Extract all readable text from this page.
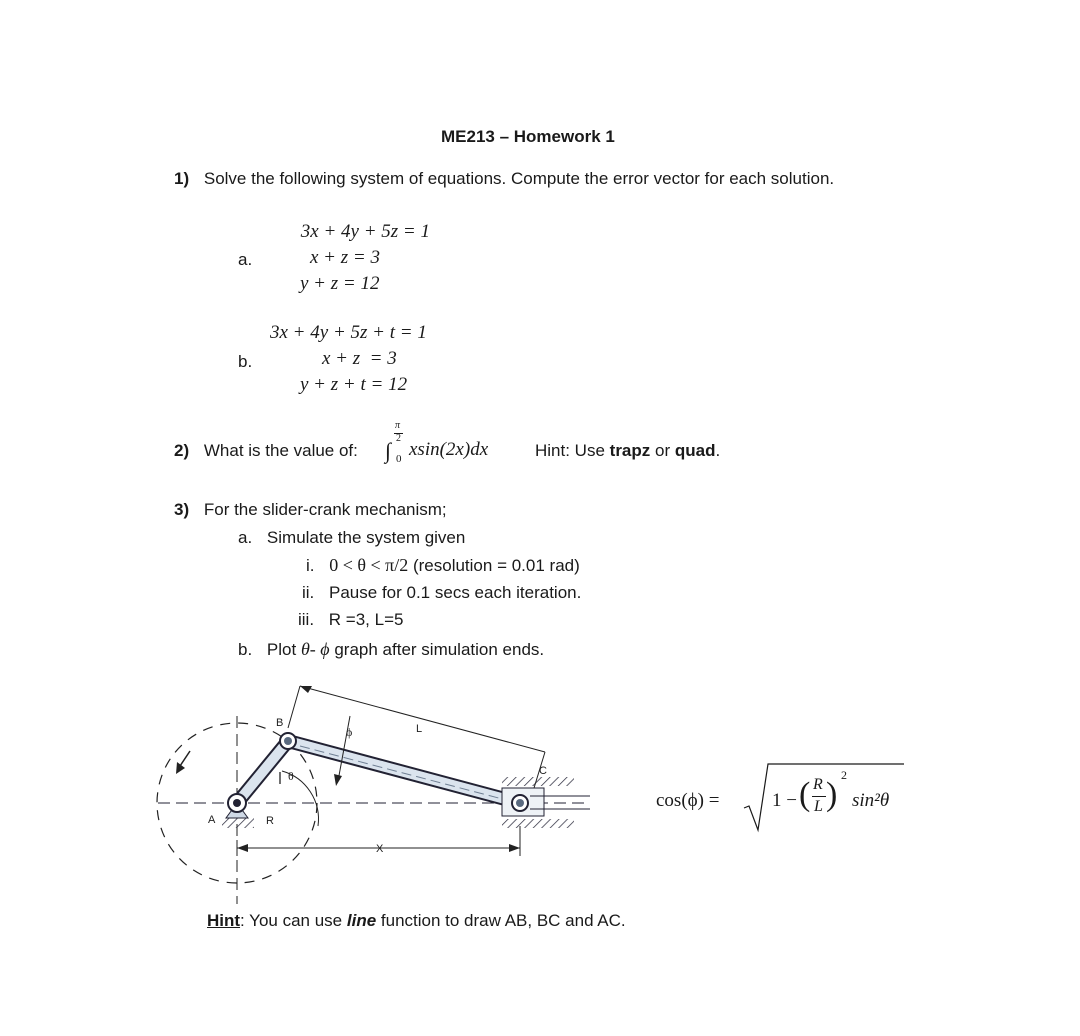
ME213 – Homework 1
1) Solve the following system of equations. Compute the error vector for each solution.
a.
3x + 4y + 5z = 1
x + z = 3
y + z = 12
b.
3x + 4y + 5z + t = 1
x + z  = 3
y + z + t = 12
2) What is the value of: ∫
π
2
0 xsin(2x)dx	Hint: Use trapz or quad.
3) For the slider-crank mechanism;
a. Simulate the system given
i. 0 < θ < π/2 (resolution = 0.01 rad)
ii. Pause for 0.1 secs each iteration.
iii. R =3, L=5
b. Plot θ- ϕ graph after simulation ends.
A
B
C
R
L
X
θ
ϕ
cos(ϕ) =	1 − ( R
L )
2
sin²θ
Hint: You can use line function to draw AB, BC and AC.
